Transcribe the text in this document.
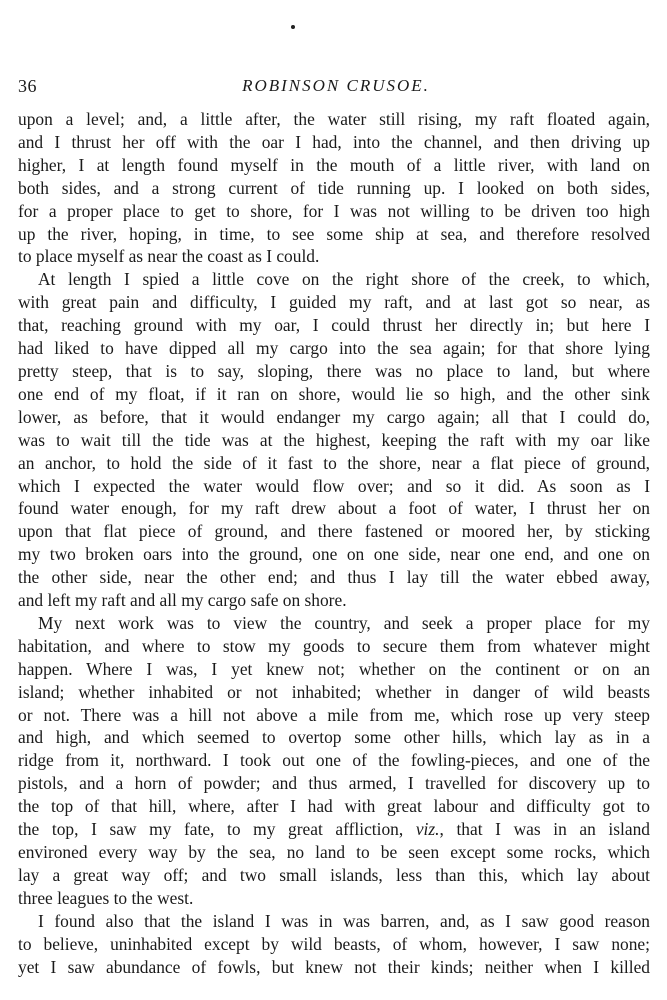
36	ROBINSON CRUSOE.
upon a level; and, a little after, the water still rising, my raft floated again,
and I thrust her off with the oar I had, into the channel, and then driving up
higher, I at length found myself in the mouth of a little river, with land on
both sides, and a strong current of tide running up. I looked on both sides,
for a proper place to get to shore, for I was not willing to be driven too high
up the river, hoping, in time, to see some ship at sea, and therefore resolved
to place myself as near the coast as I could.
At length I spied a little cove on the right shore of the creek, to which,
with great pain and difficulty, I guided my raft, and at last got so near, as
that, reaching ground with my oar, I could thrust her directly in; but here I
had liked to have dipped all my cargo into the sea again; for that shore lying
pretty steep, that is to say, sloping, there was no place to land, but where
one end of my float, if it ran on shore, would lie so high, and the other sink
lower, as before, that it would endanger my cargo again; all that I could do,
was to wait till the tide was at the highest, keeping the raft with my oar like
an anchor, to hold the side of it fast to the shore, near a flat piece of ground,
which I expected the water would flow over; and so it did. As soon as I
found water enough, for my raft drew about a foot of water, I thrust her on
upon that flat piece of ground, and there fastened or moored her, by sticking
my two broken oars into the ground, one on one side, near one end, and one on
the other side, near the other end; and thus I lay till the water ebbed away,
and left my raft and all my cargo safe on shore.
My next work was to view the country, and seek a proper place for my
habitation, and where to stow my goods to secure them from whatever might
happen. Where I was, I yet knew not; whether on the continent or on an
island; whether inhabited or not inhabited; whether in danger of wild beasts
or not. There was a hill not above a mile from me, which rose up very steep
and high, and which seemed to overtop some other hills, which lay as in a
ridge from it, northward. I took out one of the fowling-pieces, and one of the
pistols, and a horn of powder; and thus armed, I travelled for discovery up to
the top of that hill, where, after I had with great labour and difficulty got to
the top, I saw my fate, to my great affliction, viz., that I was in an island
environed every way by the sea, no land to be seen except some rocks, which
lay a great way off; and two small islands, less than this, which lay about
three leagues to the west.
I found also that the island I was in was barren, and, as I saw good reason
to believe, uninhabited except by wild beasts, of whom, however, I saw none;
yet I saw abundance of fowls, but knew not their kinds; neither when I killed
